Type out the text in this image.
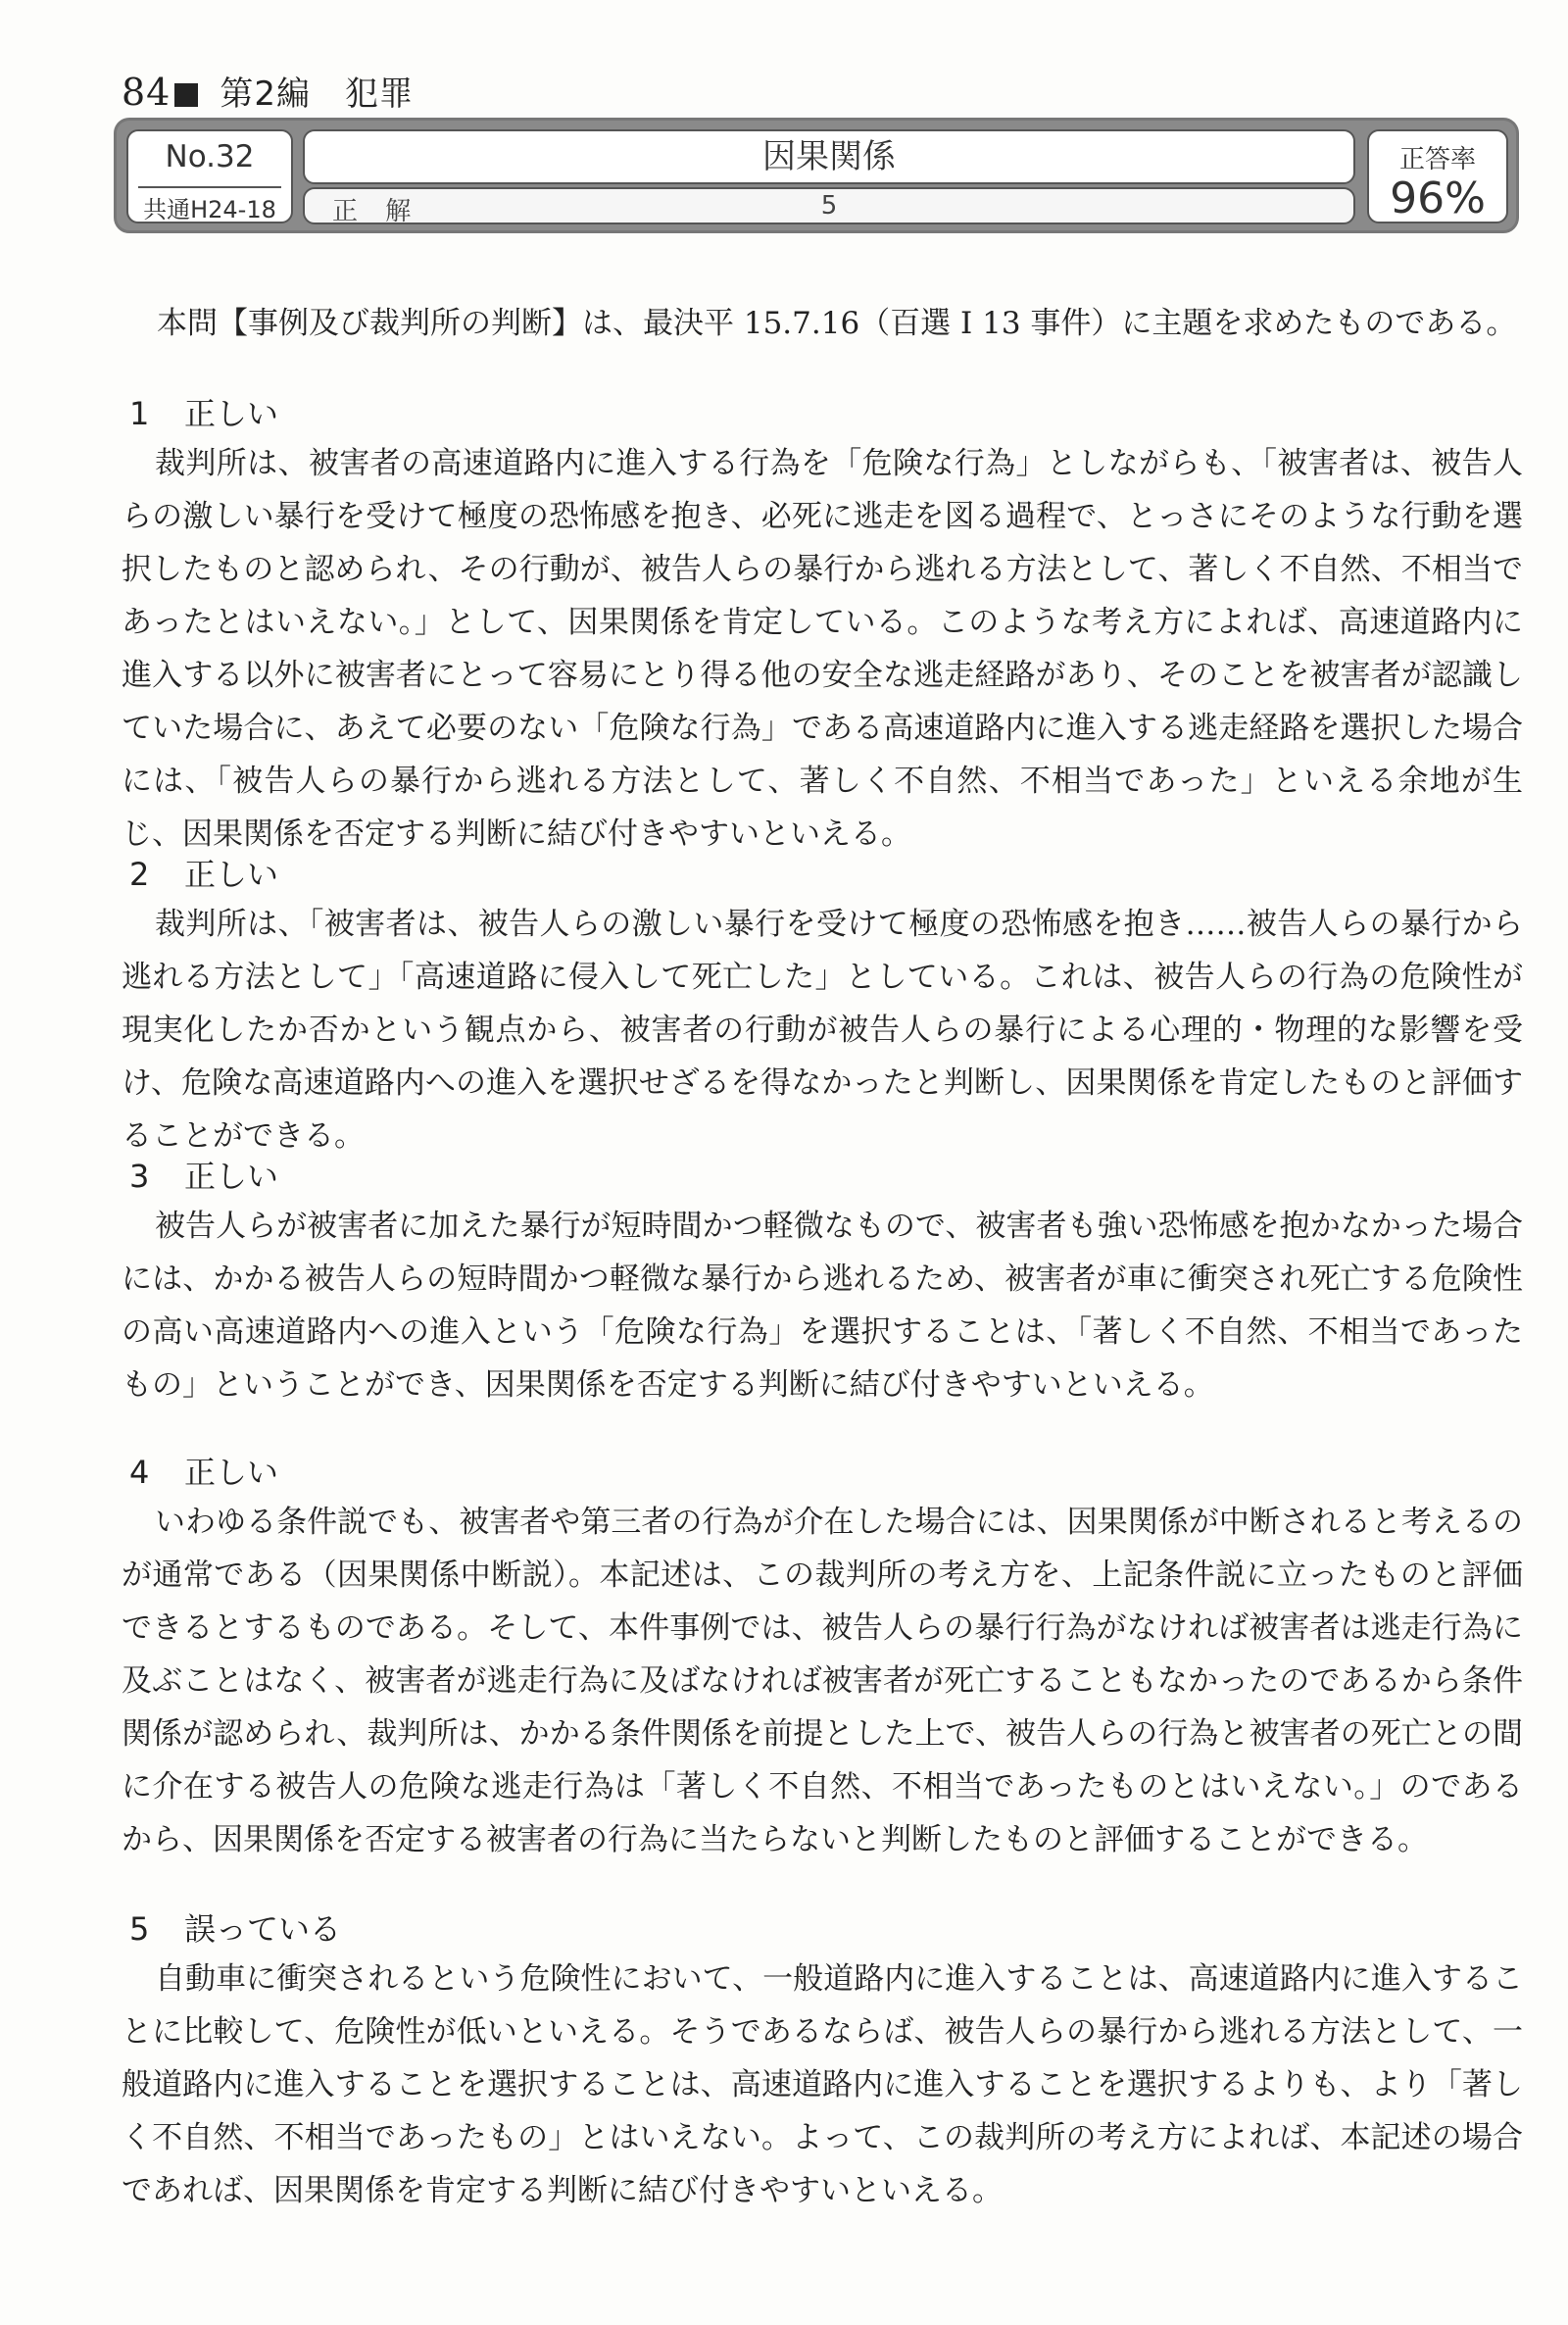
84 第2編　犯罪
No.32
共通H24-18
因果関係
正 解	5
正答率
96%
本問【事例及び裁判所の判断】は、最決平 15.7.16（百選 I 13 事件）に主題を求めたものである。
1 正しい
裁判所は、被害者の高速道路内に進入する行為を「危険な行為」としながらも、「被害者は、被告人らの激しい暴行を受けて極度の恐怖感を抱き、必死に逃走を図る過程で、とっさにそのような行動を選択したものと認められ、その行動が、被告人らの暴行から逃れる方法として、著しく不自然、不相当であったとはいえない。」として、因果関係を肯定している。このような考え方によれば、高速道路内に進入する以外に被害者にとって容易にとり得る他の安全な逃走経路があり、そのことを被害者が認識していた場合に、あえて必要のない「危険な行為」である高速道路内に進入する逃走経路を選択した場合には、「被告人らの暴行から逃れる方法として、著しく不自然、不相当であった」といえる余地が生じ、因果関係を否定する判断に結び付きやすいといえる。
2 正しい
裁判所は、「被害者は、被告人らの激しい暴行を受けて極度の恐怖感を抱き……被告人らの暴行から逃れる方法として」「高速道路に侵入して死亡した」としている。これは、被告人らの行為の危険性が現実化したか否かという観点から、被害者の行動が被告人らの暴行による心理的・物理的な影響を受け、危険な高速道路内への進入を選択せざるを得なかったと判断し、因果関係を肯定したものと評価することができる。
3 正しい
被告人らが被害者に加えた暴行が短時間かつ軽微なもので、被害者も強い恐怖感を抱かなかった場合には、かかる被告人らの短時間かつ軽微な暴行から逃れるため、被害者が車に衝突され死亡する危険性の高い高速道路内への進入という「危険な行為」を選択することは、「著しく不自然、不相当であったもの」ということができ、因果関係を否定する判断に結び付きやすいといえる。
4 正しい
いわゆる条件説でも、被害者や第三者の行為が介在した場合には、因果関係が中断されると考えるのが通常である（因果関係中断説）。本記述は、この裁判所の考え方を、上記条件説に立ったものと評価できるとするものである。そして、本件事例では、被告人らの暴行行為がなければ被害者は逃走行為に及ぶことはなく、被害者が逃走行為に及ばなければ被害者が死亡することもなかったのであるから条件関係が認められ、裁判所は、かかる条件関係を前提とした上で、被告人らの行為と被害者の死亡との間に介在する被告人の危険な逃走行為は「著しく不自然、不相当であったものとはいえない。」のであるから、因果関係を否定する被害者の行為に当たらないと判断したものと評価することができる。
5 誤っている
自動車に衝突されるという危険性において、一般道路内に進入することは、高速道路内に進入することに比較して、危険性が低いといえる。そうであるならば、被告人らの暴行から逃れる方法として、一般道路内に進入することを選択することは、高速道路内に進入することを選択するよりも、より「著しく不自然、不相当であったもの」とはいえない。よって、この裁判所の考え方によれば、本記述の場合であれば、因果関係を肯定する判断に結び付きやすいといえる。
